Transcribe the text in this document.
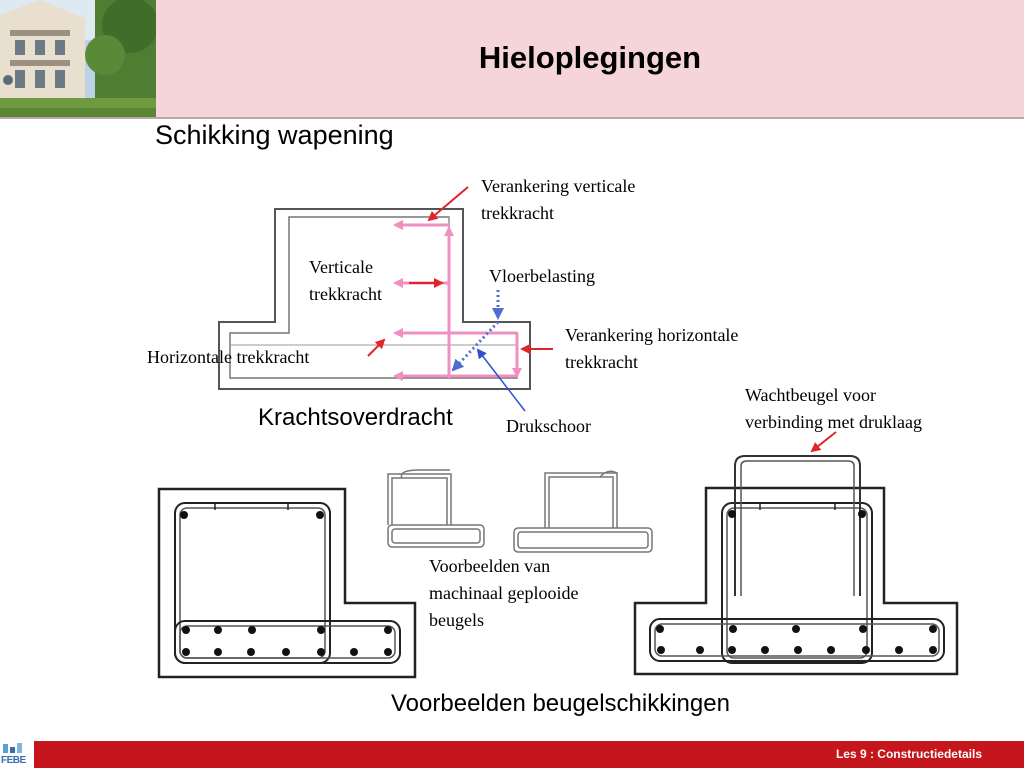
Hieloplegingen
Schikking wapening
Verankering verticale
trekkracht
Verticale
trekkracht
Vloerbelasting
Verankering horizontale
trekkracht
Horizontale trekkracht
Drukschoor
Wachtbeugel voor
verbinding met druklaag
Voorbeelden van
machinaal geplooide
beugels
Krachtsoverdracht
Voorbeelden beugelschikkingen
Les 9 : Constructiedetails
FEBE
